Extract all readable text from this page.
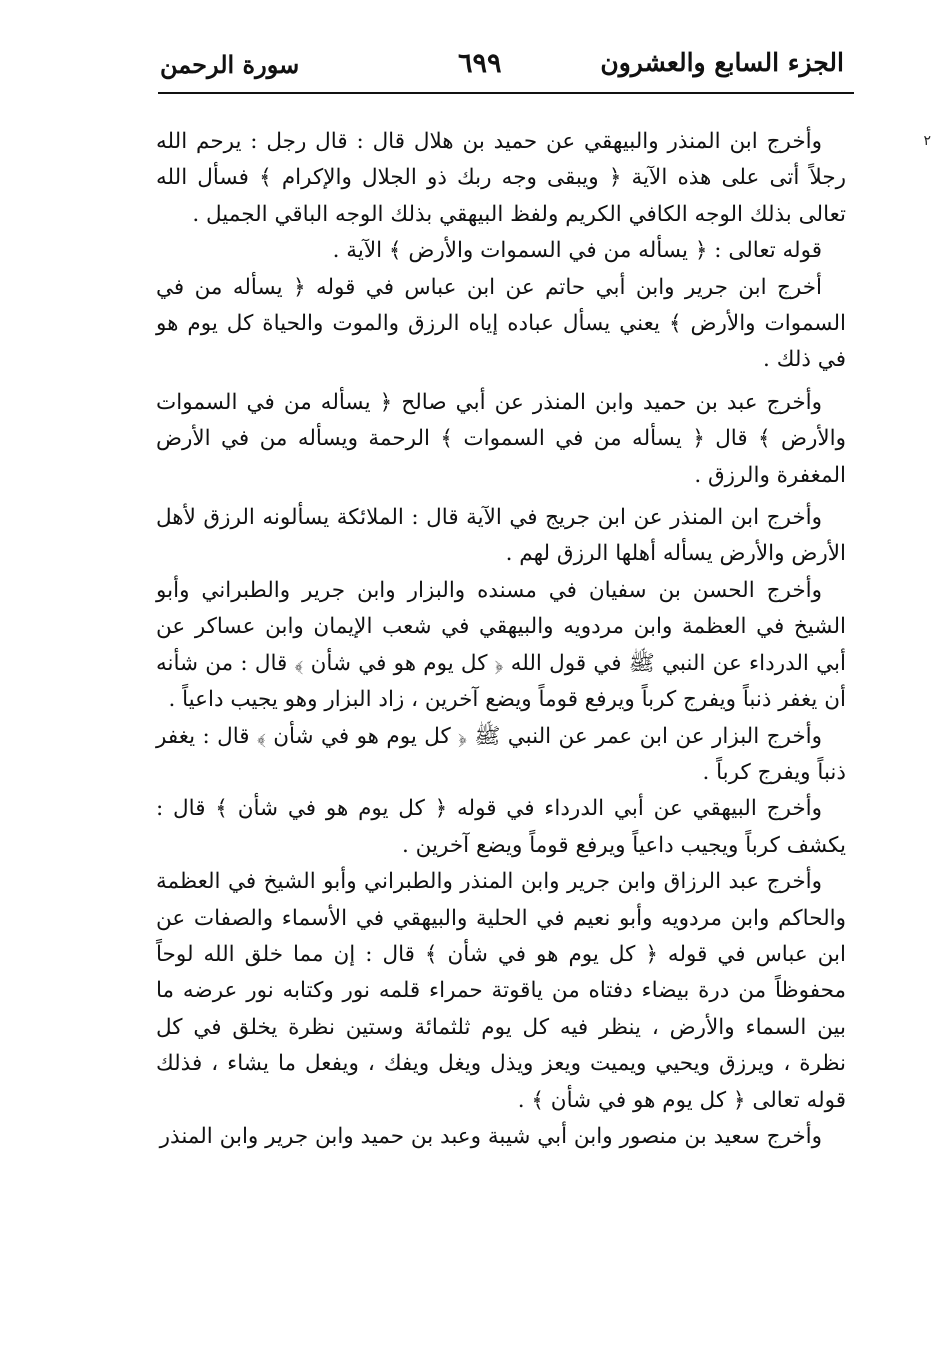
الجزء السابع والعشرون
٦٩٩
سورة الرحمن
٢

وأخرج ابن المنذر والبيهقي عن حميد بن هلال قال : قال رجل : يرحم الله رجلاً أتى على هذه الآية ﴿ ويبقى وجه ربك ذو الجلال والإكرام ﴾ فسأل الله تعالى بذلك الوجه الكافي الكريم ولفظ البيهقي بذلك الوجه الباقي الجميل .

قوله تعالى : ﴿ يسأله من في السموات والأرض ﴾ الآية .

أخرج ابن جرير وابن أبي حاتم عن ابن عباس في قوله ﴿ يسأله من في السموات والأرض ﴾ يعني يسأل عباده إياه الرزق والموت والحياة كل يوم هو في ذلك .

وأخرج عبد بن حميد وابن المنذر عن أبي صالح ﴿ يسأله من في السموات والأرض ﴾ قال ﴿ يسأله من في السموات ﴾ الرحمة ويسأله من في الأرض المغفرة والرزق .

وأخرج ابن المنذر عن ابن جريج في الآية قال : الملائكة يسألونه الرزق لأهل الأرض والأرض يسأله أهلها الرزق لهم .

وأخرج الحسن بن سفيان في مسنده والبزار وابن جرير والطبراني وأبو الشيخ في العظمة وابن مردويه والبيهقي في شعب الإيمان وابن عساكر عن أبي الدرداء عن النبي ﷺ في قول الله ﴿ كل يوم هو في شأن ﴾ قال : من شأنه أن يغفر ذنباً ويفرج كرباً ويرفع قوماً ويضع آخرين ، زاد البزار وهو يجيب داعياً .

وأخرج البزار عن ابن عمر عن النبي ﷺ ﴿ كل يوم هو في شأن ﴾ قال : يغفر ذنباً ويفرج كرباً .

وأخرج البيهقي عن أبي الدرداء في قوله ﴿ كل يوم هو في شأن ﴾ قال : يكشف كرباً ويجيب داعياً ويرفع قوماً ويضع آخرين .

وأخرج عبد الرزاق وابن جرير وابن المنذر والطبراني وأبو الشيخ في العظمة والحاكم وابن مردويه وأبو نعيم في الحلية والبيهقي في الأسماء والصفات عن ابن عباس في قوله ﴿ كل يوم هو في شأن ﴾ قال : إن مما خلق الله لوحاً محفوظاً من درة بيضاء دفتاه من ياقوتة حمراء قلمه نور وكتابه نور عرضه ما بين السماء والأرض ، ينظر فيه كل يوم ثلثمائة وستين نظرة يخلق في كل نظرة ، ويرزق ويحيي ويميت ويعز ويذل ويغل ويفك ، ويفعل ما يشاء ، فذلك قوله تعالى ﴿ كل يوم هو في شأن ﴾ .

وأخرج سعيد بن منصور وابن أبي شيبة وعبد بن حميد وابن جرير وابن المنذر
